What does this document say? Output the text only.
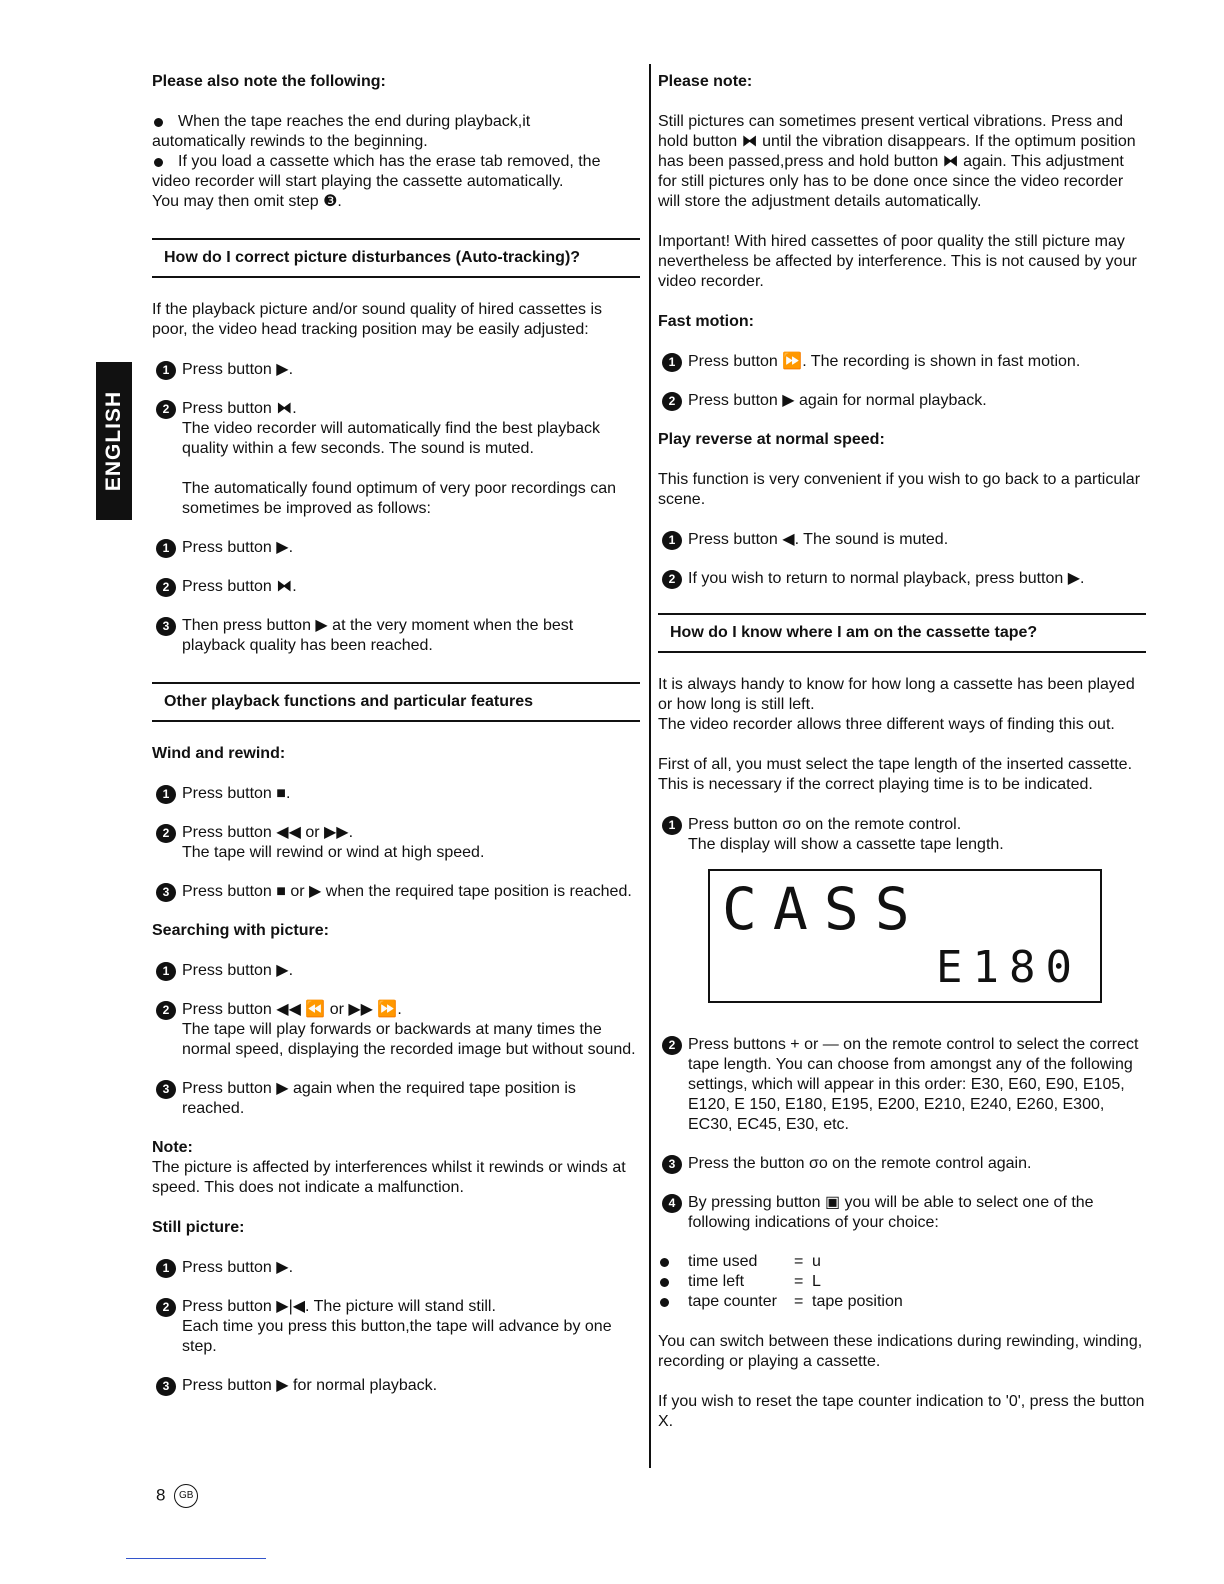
ENGLISH

Please also note the following:

When the tape reaches the end during playback,it

automatically rewinds to the beginning.

If you load a cassette which has the erase tab removed, the

video recorder will start playing the cassette automatically.

You may then omit step ❸.

How do I correct picture disturbances (Auto-tracking)?

If the playback picture and/or sound quality of hired cassettes is poor, the video head tracking position may be easily adjusted:

1 Press button ▶.

2 Press button ⧓.

The video recorder will automatically find the best playback quality within a few seconds. The sound is muted.

The automatically found optimum of very poor recordings can sometimes be improved as follows:

1 Press button ▶.

2 Press button ⧓.

3 Then press button ▶ at the very moment when the best playback quality has been reached.

Other playback functions and particular features

Wind and rewind:

1 Press button ■.

2 Press button ◀◀ or ▶▶.

The tape will rewind or wind at high speed.

3 Press button ■ or ▶ when the required tape position is reached.

Searching with picture:

1 Press button ▶.

2 Press button ◀◀ ⏪ or ▶▶ ⏩.

The tape will play forwards or backwards at many times the normal speed, displaying the recorded image but without sound.

3 Press button ▶ again when the required tape position is reached.

Note:

The picture is affected by interferences whilst it rewinds or winds at speed. This does not indicate a malfunction.

Still picture:

1 Press button ▶.

2 Press button ▶|◀. The picture will stand still.

Each time you press this button,the tape will advance by one step.

3 Press button ▶ for normal playback.

Please note:

Still pictures can sometimes present vertical vibrations. Press and hold button ⧓ until the vibration disappears. If the optimum position has been passed,press and hold button ⧓ again. This adjustment for still pictures only has to be done once since the video recorder will store the adjustment details automatically.

Important! With hired cassettes of poor quality the still picture may nevertheless be affected by interference. This is not caused by your video recorder.

Fast motion:

1 Press button ⏩. The recording is shown in fast motion.

2 Press button ▶ again for normal playback.

Play reverse at normal speed:

This function is very convenient if you wish to go back to a particular scene.

1 Press button ◀. The sound is muted.

2 If you wish to return to normal playback, press button ▶.

How do I know where I am on the cassette tape?

It is always handy to know for how long a cassette has been played or how long is still left.

The video recorder allows three different ways of finding this out.

First of all, you must select the tape length of the inserted cassette. This is necessary if the correct playing time is to be indicated.

1 Press button σο on the remote control.

The display will show a cassette tape length.

CASS
E180
2 Press buttons + or — on the remote control to select the correct tape length. You can choose from amongst any of the following settings, which will appear in this order: E30, E60, E90, E105, E120, E 150, E180, E195, E200, E210, E240, E260, E300, EC30, EC45, E30, etc.

3 Press the button σο on the remote control again.

4 By pressing button ▣ you will be able to select one of the following indications of your choice:

time used	= u
time left	= L
tape counter	= tape position

You can switch between these indications during rewinding, winding, recording or playing a cassette.

If you wish to reset the tape counter indication to '0', press the button X.

8 GB
